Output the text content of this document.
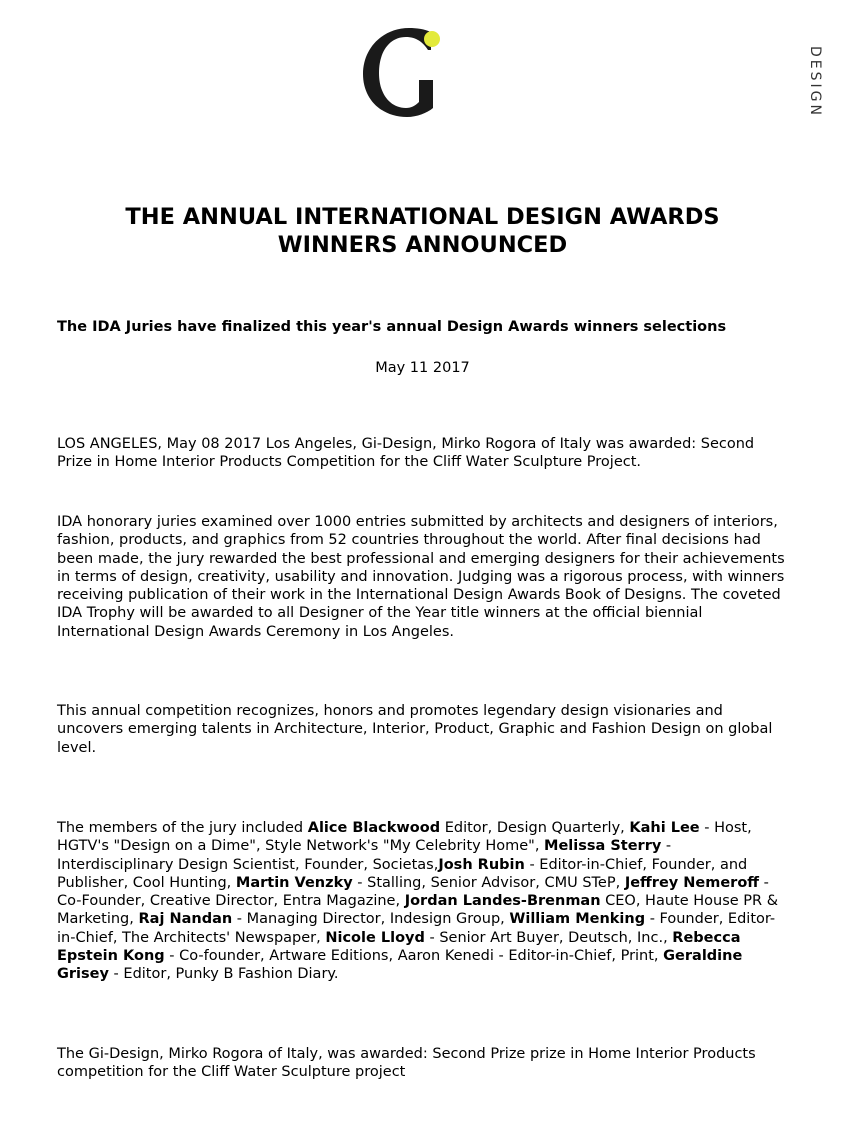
DESIGN
THE ANNUAL INTERNATIONAL DESIGN AWARDS
WINNERS ANNOUNCED
The IDA Juries have finalized this year's annual Design Awards winners selections
May 11 2017
LOS ANGELES, May 08 2017 Los Angeles, Gi-Design, Mirko Rogora of Italy was awarded: Second Prize in Home Interior Products Competition for the Cliff Water Sculpture Project.
IDA honorary juries examined over 1000 entries submitted by architects and designers of interiors, fashion, products, and graphics from 52 countries throughout the world. After final decisions had been made, the jury rewarded the best professional and emerging designers for their achievements in terms of design, creativity, usability and innovation. Judging was a rigorous process, with winners receiving publication of their work in the International Design Awards Book of Designs. The coveted IDA Trophy will be awarded to all Designer of the Year title winners at the official biennial International Design Awards Ceremony in Los Angeles.
This annual competition recognizes, honors and promotes legendary design visionaries and uncovers emerging talents in Architecture, Interior, Product, Graphic and Fashion Design on global level.
The members of the jury included Alice Blackwood Editor, Design Quarterly, Kahi Lee - Host, HGTV's "Design on a Dime", Style Network's "My Celebrity Home", Melissa Sterry - Interdisciplinary Design Scientist, Founder, Societas,Josh Rubin - Editor-in-Chief, Founder, and Publisher, Cool Hunting, Martin Venzky - Stalling, Senior Advisor, CMU STeP, Jeffrey Nemeroff - Co-Founder, Creative Director, Entra Magazine, Jordan Landes-Brenman CEO, Haute House PR & Marketing, Raj Nandan - Managing Director, Indesign Group, William Menking - Founder, Editor-in-Chief, The Architects' Newspaper, Nicole Lloyd - Senior Art Buyer, Deutsch, Inc., Rebecca Epstein Kong - Co-founder, Artware Editions, Aaron Kenedi - Editor-in-Chief, Print, Geraldine Grisey - Editor, Punky B Fashion Diary.
The Gi-Design, Mirko Rogora of Italy, was awarded: Second Prize prize in Home Interior Products competition for the Cliff Water Sculpture project
